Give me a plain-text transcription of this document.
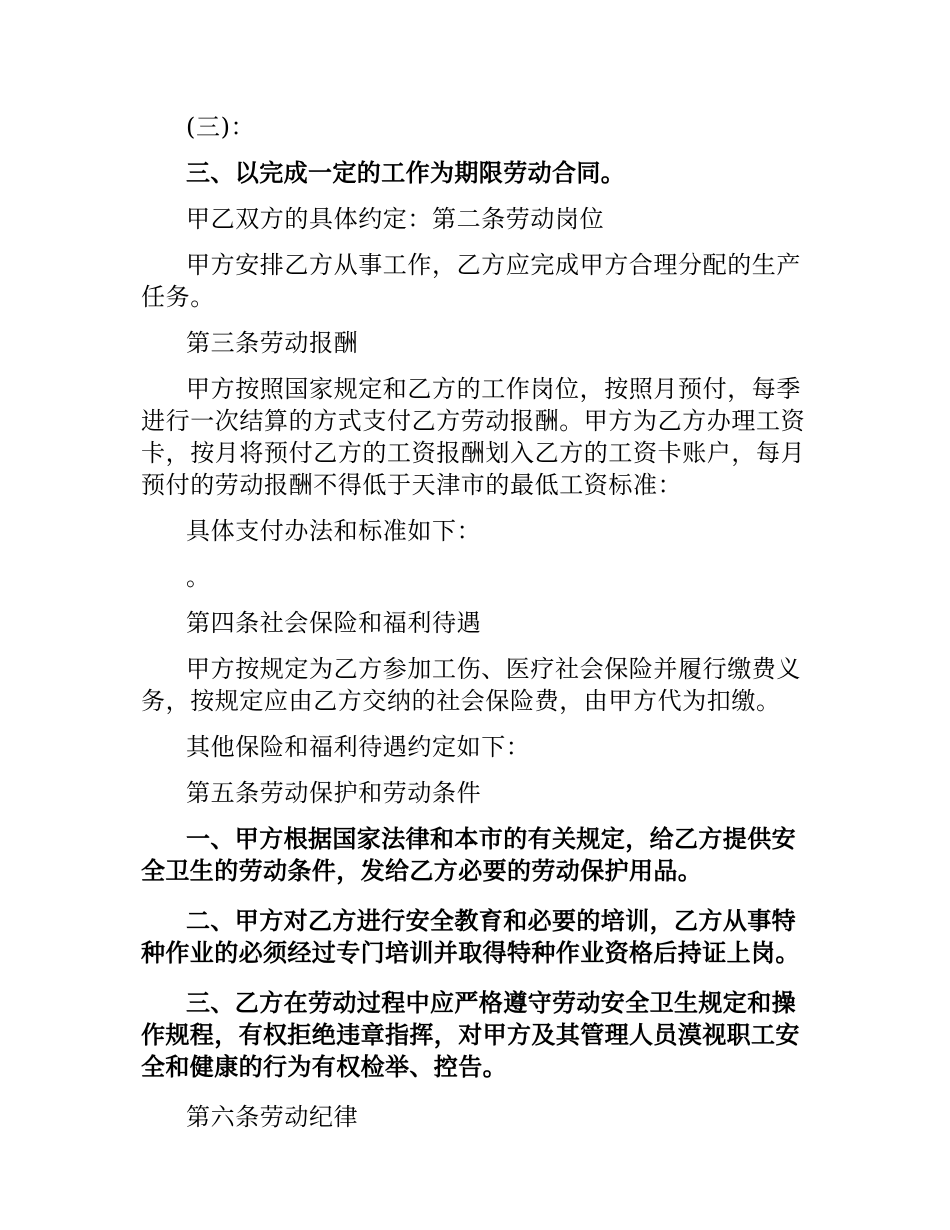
(三)：

三、以完成一定的工作为期限劳动合同。

甲乙双方的具体约定：第二条劳动岗位

甲方安排乙方从事工作，乙方应完成甲方合理分配的生产任务。

第三条劳动报酬

甲方按照国家规定和乙方的工作岗位，按照月预付，每季进行一次结算的方式支付乙方劳动报酬。甲方为乙方办理工资卡，按月将预付乙方的工资报酬划入乙方的工资卡账户，每月预付的劳动报酬不得低于天津市的最低工资标准：

具体支付办法和标准如下：

。

第四条社会保险和福利待遇

甲方按规定为乙方参加工伤、医疗社会保险并履行缴费义务，按规定应由乙方交纳的社会保险费，由甲方代为扣缴。

其他保险和福利待遇约定如下：

第五条劳动保护和劳动条件

一、甲方根据国家法律和本市的有关规定，给乙方提供安全卫生的劳动条件，发给乙方必要的劳动保护用品。

二、甲方对乙方进行安全教育和必要的培训，乙方从事特种作业的必须经过专门培训并取得特种作业资格后持证上岗。

三、乙方在劳动过程中应严格遵守劳动安全卫生规定和操作规程，有权拒绝违章指挥，对甲方及其管理人员漠视职工安全和健康的行为有权检举、控告。

第六条劳动纪律
